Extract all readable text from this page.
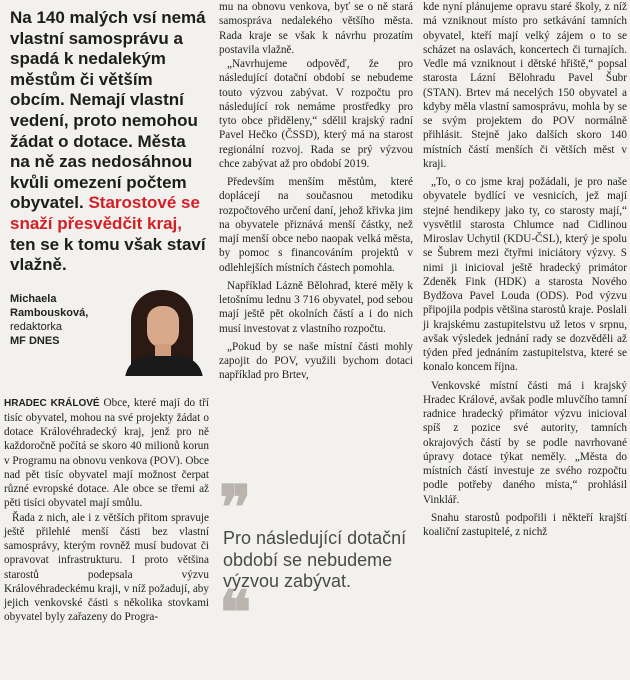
Na 140 malých vsí nemá vlastní samosprávu a spadá k nedalekým městům či větším obcím. Nemají vlastní vedení, proto nemohou žádat o dotace. Města na ně zas nedosáhnou kvůli omezení počtem obyvatel. Starostové se snaží přesvědčit kraj, ten se k tomu však staví vlažně.
Michaela Rambousková, redaktorka
MF DNES

HRADEC KRÁLOVÉ Obce, které mají do tří tisíc obyvatel, mohou na své projekty žádat o dotace Královéhradecký kraj, jenž pro ně každoročně počítá se skoro 40 milionů korun v Programu na obnovu venkova (POV). Obce nad pět tisíc obyvatel mají možnost čerpat různé evropské dotace. Ale obce se třemi až pěti tisíci obyvatel mají smůlu.

Řada z nich, ale i z větších přitom spravuje ještě přilehlé menší části bez vlastní samosprávy, kterým rovněž musí budovat či opravovat infrastrukturu. I proto většina starostů podepsala výzvu Královéhradeckému kraji, v níž požadují, aby jejich venkovské části s několika stovkami obyvatel byly zařazeny do Progra-

mu na obnovu venkova, byť se o ně stará samospráva nedalekého většího města. Rada kraje se však k návrhu prozatím postavila vlažně.

„Navrhujeme odpověď, že pro následující dotační období se nebudeme touto výzvou zabývat. V rozpočtu pro následující rok nemáme prostředky pro tyto obce přiděleny,“ sdělil krajský radní Pavel Hečko (ČSSD), který má na starost regionální rozvoj. Rada se prý výzvou chce zabývat až pro období 2019.

Především menším městům, které doplácejí na současnou metodiku rozpočtového určení daní, jehož křivka jim na obyvatele přiznává menší částky, než mají menší obce nebo naopak velká města, by pomoc s financováním projektů v odlehlejších místních částech pomohla.

Například Lázně Bělohrad, které měly k letošnímu lednu 3 716 obyvatel, pod sebou mají ještě pět okolních částí a i do nich musí investovat z vlastního rozpočtu.

„Pokud by se naše místní části mohly zapojit do POV, využili bychom dotaci například pro Brtev,

❞
Pro následující dotační období se nebudeme výzvou zabývat.
❝

kde nyní plánujeme opravu staré školy, z níž má vzniknout místo pro setkávání tamních obyvatel, kteří mají velký zájem o to se scházet na oslavách, koncertech či turnajích. Vedle má vzniknout i dětské hřiště,“ popsal starosta Lázní Bělohradu Pavel Šubr (STAN). Brtev má necelých 150 obyvatel a kdyby měla vlastní samosprávu, mohla by se se svým projektem do POV normálně přihlásit. Stejně jako dalších skoro 140 místních částí menších či větších měst v kraji.

„To, o co jsme kraj požádali, je pro naše obyvatele bydlící ve vesnicích, jež mají stejné hendikepy jako ty, co starosty mají,“ vysvětlil starosta Chlumce nad Cidlinou Miroslav Uchytil (KDU-ČSL), který je spolu se Šubrem mezi čtyřmi iniciátory výzvy. S nimi ji inicioval ještě hradecký primátor Zdeněk Fink (HDK) a starosta Nového Bydžova Pavel Louda (ODS). Pod výzvu připojila podpis většina starostů kraje. Poslali ji krajskému zastupitelstvu už letos v srpnu, avšak výsledek jednání rady se dozvěděli až týden před jednáním zastupitelstva, které se konalo koncem října.

Venkovské místní části má i krajský Hradec Králové, avšak podle mluvčího tamní radnice hradecký přimátor výzvu inicioval spíš z pozice své autority, tamních okrajových částí by se podle navrhované úpravy dotace týkat neměly. „Města do místních částí investuje ze svého rozpočtu podle potřeby daného místa,“ prohlásil Vinklář.

Snahu starostů podpořili i někteří krajští koaliční zastupitelé, z nichž
